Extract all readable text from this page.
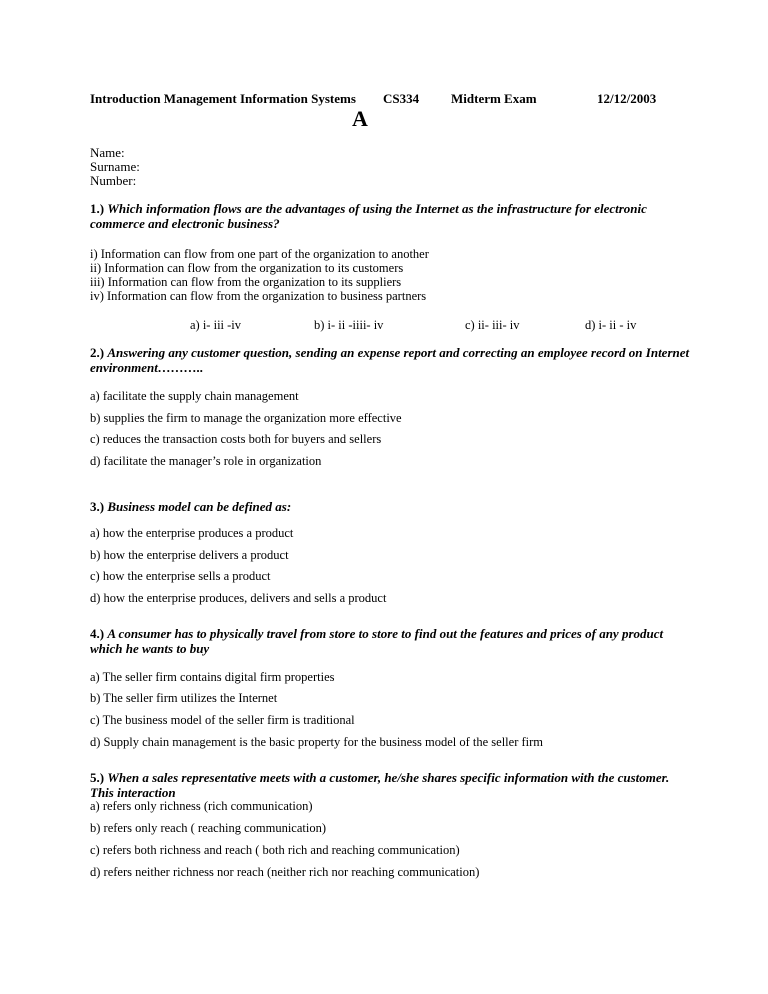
Introduction Management Information Systems CS334 Midterm Exam	12/12/2003
A
Name:
Surname:
Number:
1.) Which information flows are the advantages of using the Internet as the infrastructure for electronic commerce and electronic business?
i) Information can flow from one part of the organization to another
ii) Information can flow from the organization to its customers
iii) Information can flow from the organization to its suppliers
iv) Information can flow from the organization to business partners
a) i- iii -iv	b) i- ii -iiii- iv	c) ii- iii- iv	d) i- ii - iv
2.) Answering any customer question, sending an expense report and correcting an employee record on Internet environment………..
a) facilitate the supply chain management
b) supplies the firm to manage the organization more effective
c) reduces the transaction costs both for buyers and sellers
d) facilitate the manager’s role in organization
3.) Business model can be defined as:
a) how the enterprise produces a product
b) how the enterprise delivers a product
c) how the enterprise sells a product
d) how the enterprise produces, delivers and sells a product
4.) A consumer has to physically travel from store to store to find out the features and prices of any product which he wants to buy
a) The seller firm contains digital firm properties
b) The seller firm utilizes the Internet
c) The business model of the seller firm is traditional
d) Supply chain management is the basic property for the business model of the seller firm
5.) When a sales representative meets with a customer, he/she shares specific information with the customer. This interaction
a) refers only richness (rich communication)
b) refers only reach ( reaching communication)
c) refers both richness and reach ( both rich and reaching communication)
d) refers neither richness nor reach (neither rich nor reaching communication)
